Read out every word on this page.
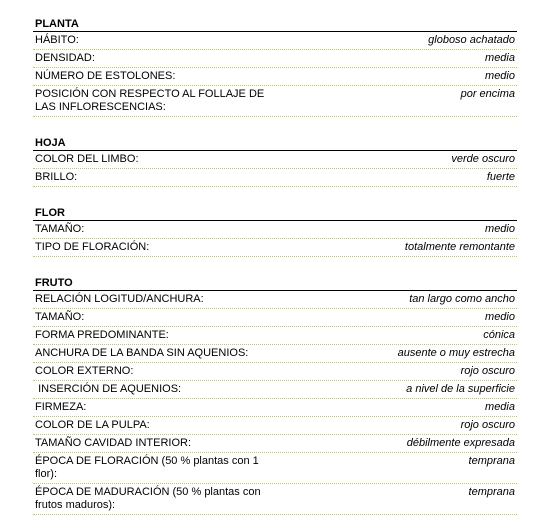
PLANTA
HÁBITO:	globoso achatado
DENSIDAD:	media
NÚMERO DE ESTOLONES:	medio
POSICIÓN CON RESPECTO AL FOLLAJE DE LAS INFLORESCENCIAS:
por encima
HOJA
COLOR DEL LIMBO:	verde oscuro
BRILLO:	fuerte
FLOR
TAMAÑO:	medio
TIPO DE FLORACIÓN:	totalmente remontante
FRUTO
RELACIÓN LOGITUD/ANCHURA:	tan largo como ancho
TAMAÑO:	medio
FORMA PREDOMINANTE:	cónica
ANCHURA DE LA BANDA SIN AQUENIOS:	ausente o muy estrecha
COLOR EXTERNO:	rojo oscuro
INSERCIÓN DE AQUENIOS:	a nivel de la superficie
FIRMEZA:	media
COLOR DE LA PULPA:	rojo oscuro
TAMAÑO CAVIDAD INTERIOR:	débilmente expresada
ÉPOCA DE FLORACIÓN (50 % plantas con 1 flor):
temprana
ÉPOCA DE MADURACIÓN (50 % plantas con frutos maduros):
temprana
